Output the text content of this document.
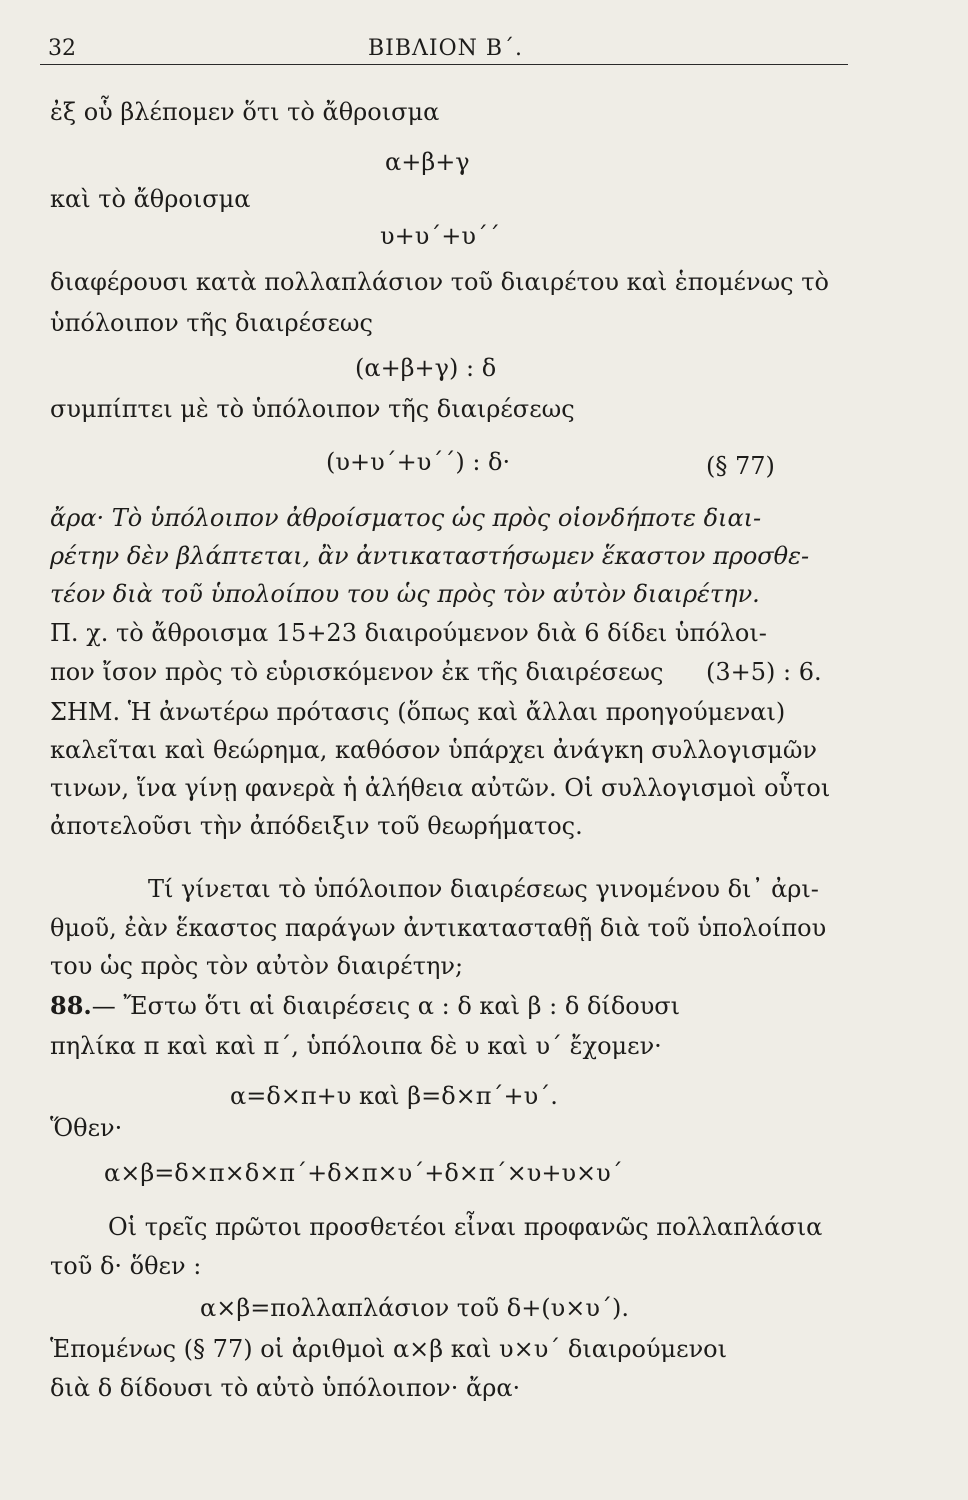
32	ΒΙΒΛΙΟΝ Β΄.
ἐξ οὗ βλέπομεν ὅτι τὸ ἄθροισμα
α+β+γ
καὶ τὸ ἄθροισμα
υ+υ΄+υ΄΄
διαφέρουσι κατὰ πολλαπλάσιον τοῦ διαιρέτου καὶ ἑπομένως τὸ
ὑπόλοιπον τῆς διαιρέσεως
(α+β+γ) : δ
συμπίπτει μὲ τὸ ὑπόλοιπον τῆς διαιρέσεως
(υ+υ΄+υ΄΄) : δ·	(§ 77)
ἄρα· Τὸ ὑπόλοιπον ἀθροίσματος ὡς πρὸς οἱονδήποτε διαι-
ρέτην δὲν βλάπτεται, ἂν ἀντικαταστήσωμεν ἕκαστον προσθε-
τέον διὰ τοῦ ὑπολοίπου του ὡς πρὸς τὸν αὐτὸν διαιρέτην.
Π. χ. τὸ ἄθροισμα 15+23 διαιρούμενον διὰ 6 δίδει ὑπόλοι-
πον ἴσον πρὸς τὸ εὑρισκόμενον ἐκ τῆς διαιρέσεως (3+5) : 6.
ΣΗΜ. Ἡ ἀνωτέρω πρότασις (ὅπως καὶ ἄλλαι προηγούμεναι)
καλεῖται καὶ θεώρημα, καθόσον ὑπάρχει ἀνάγκη συλλογισμῶν
τινων, ἵνα γίνῃ φανερὰ ἡ ἀλήθεια αὐτῶν. Οἱ συλλογισμοὶ οὗτοι
ἀποτελοῦσι τὴν ἀπόδειξιν τοῦ θεωρήματος.
Τί γίνεται τὸ ὑπόλοιπον διαιρέσεως γινομένου δι᾽ ἀρι-
θμοῦ, ἐὰν ἕκαστος παράγων ἀντικατασταθῇ διὰ τοῦ ὑπολοίπου
του ὡς πρὸς τὸν αὐτὸν διαιρέτην;
88.— Ἔστω ὅτι αἱ διαιρέσεις α : δ καὶ β : δ δίδουσι
πηλίκα π καὶ καὶ π΄, ὑπόλοιπα δὲ υ καὶ υ΄ ἔχομεν·
α=δ×π+υ καὶ β=δ×π΄+υ΄.
Ὅθεν·
α×β=δ×π×δ×π΄+δ×π×υ΄+δ×π΄×υ+υ×υ΄
Οἱ τρεῖς πρῶτοι προσθετέοι εἶναι προφανῶς πολλαπλάσια
τοῦ δ· ὅθεν :
α×β=πολλαπλάσιον τοῦ δ+(υ×υ΄).
Ἑπομένως (§ 77) οἱ ἀριθμοὶ α×β καὶ υ×υ΄ διαιρούμενοι
διὰ δ δίδουσι τὸ αὐτὸ ὑπόλοιπον· ἄρα·
